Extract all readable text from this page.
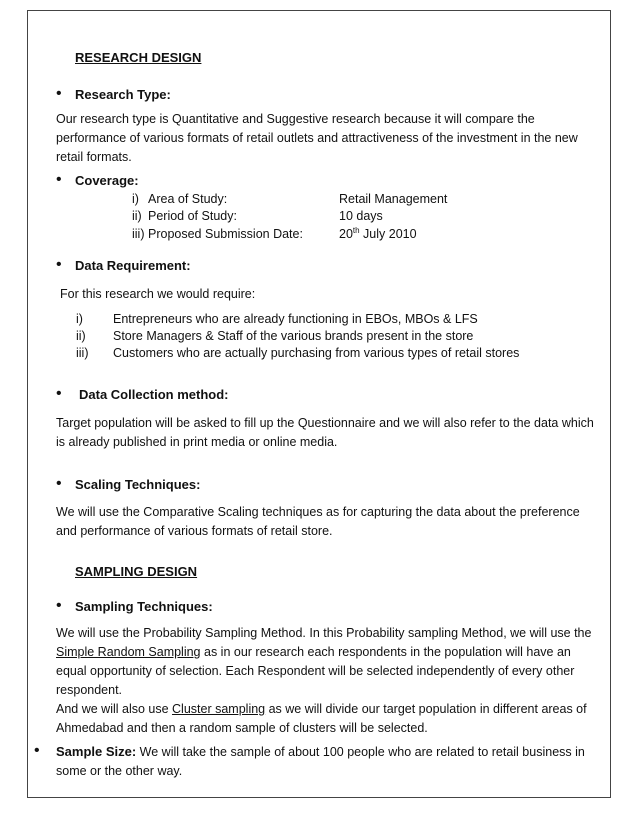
RESEARCH DESIGN
• Research Type:
Our research type is Quantitative and Suggestive research because it will compare the
performance of various formats of retail outlets and attractiveness of the investment in the new
retail formats.
• Coverage:
i) Area of Study:	Retail Management
ii) Period of Study:	10 days
iii) Proposed Submission Date:	20th July 2010
• Data Requirement:
For this research we would require:
i) Entrepreneurs who are already functioning in EBOs, MBOs & LFS
ii) Store Managers & Staff of the various brands present in the store
iii) Customers who are actually purchasing from various types of retail stores
• Data Collection method:
Target population will be asked to fill up the Questionnaire and we will also refer to the data which
is already published in print media or online media.
• Scaling Techniques:
We will use the Comparative Scaling techniques as for capturing the data about the preference
and performance of various formats of retail store.
SAMPLING DESIGN
• Sampling Techniques:
We will use the Probability Sampling Method. In this Probability sampling Method, we will use the
Simple Random Sampling as in our research each respondents in the population will have an
equal opportunity of selection. Each Respondent will be selected independently of every other
respondent.
And we will also use Cluster sampling as we will divide our target population in different areas of
Ahmedabad and then a random sample of clusters will be selected.
• Sample Size: We will take the sample of about 100 people who are related to retail business in
some or the other way.
